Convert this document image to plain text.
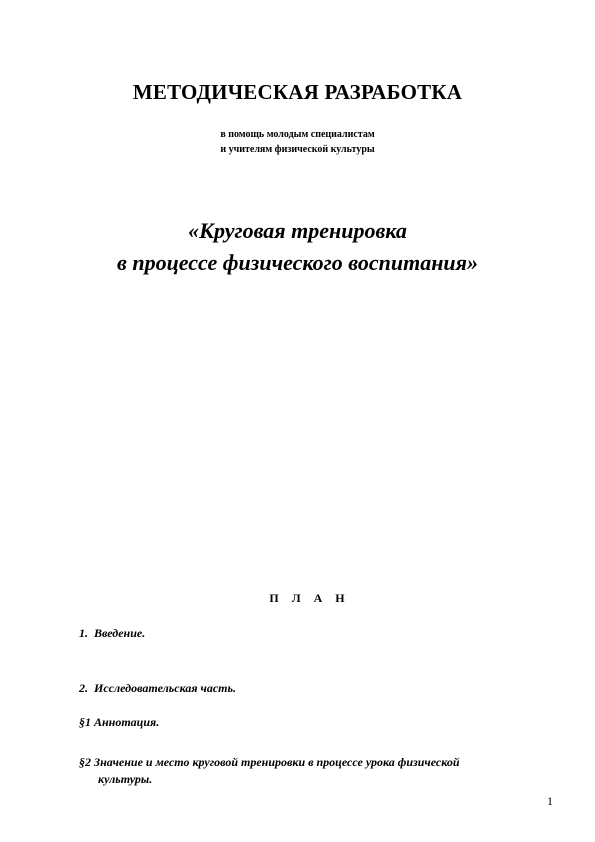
МЕТОДИЧЕСКАЯ РАЗРАБОТКА
в помощь молодым специалистам
и учителям физической культуры
«Круговая тренировка
в процессе физического воспитания»
П Л А Н
1. Введение.
2. Исследовательская часть.
§1 Аннотация.
§2 Значение и место круговой тренировки в процессе урока физической
культуры.
1
